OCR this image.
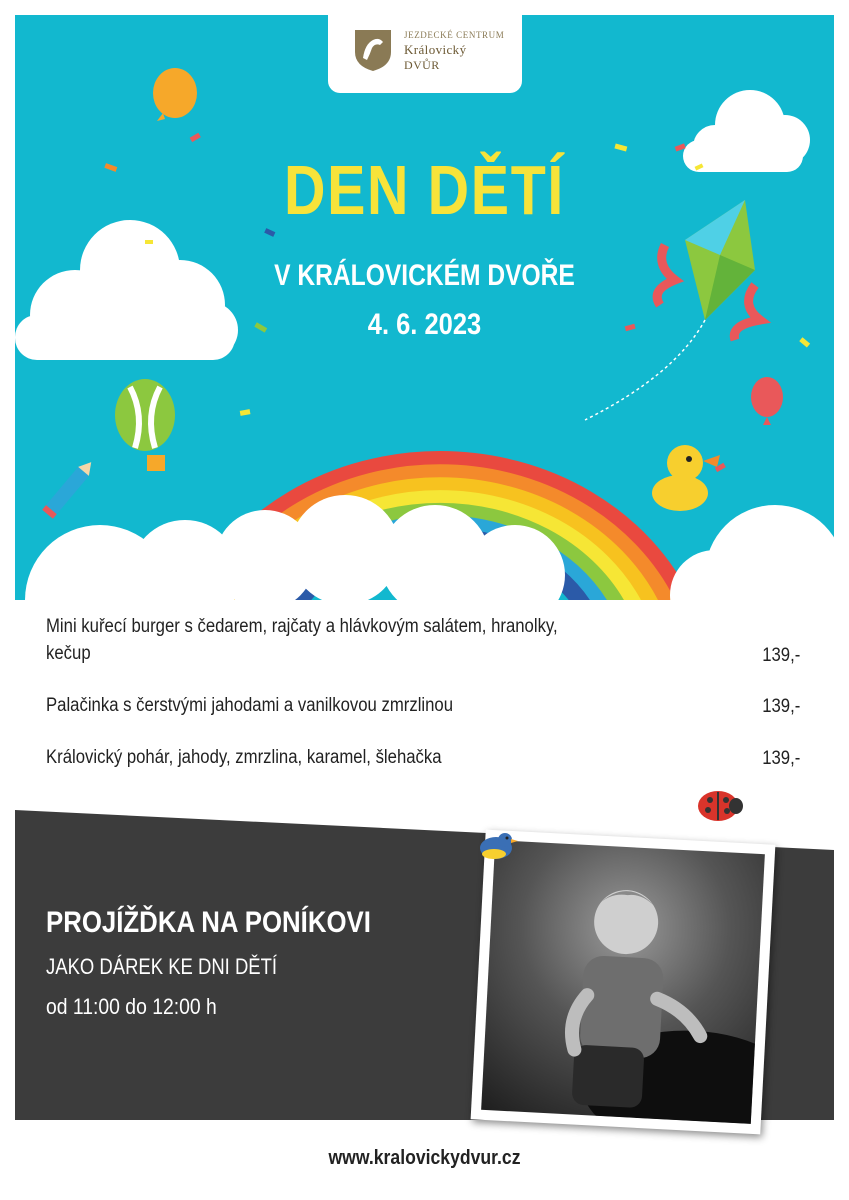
JEZDECKÉ CENTRUM
Královický
DVŮR
DEN DĚTÍ
V KRÁLOVICKÉM DVOŘE
4. 6. 2023
Mini kuřecí burger s čedarem, rajčaty a hlávkovým salátem, hranolky, kečup	139,-
Palačinka s čerstvými jahodami a vanilkovou zmrzlinou	139,-
Královický pohár, jahody, zmrzlina, karamel, šlehačka	139,-
PROJÍŽĎKA NA PONÍKOVI
JAKO DÁREK KE DNI DĚTÍ
od 11:00 do 12:00 h
www.kralovickydvur.cz
